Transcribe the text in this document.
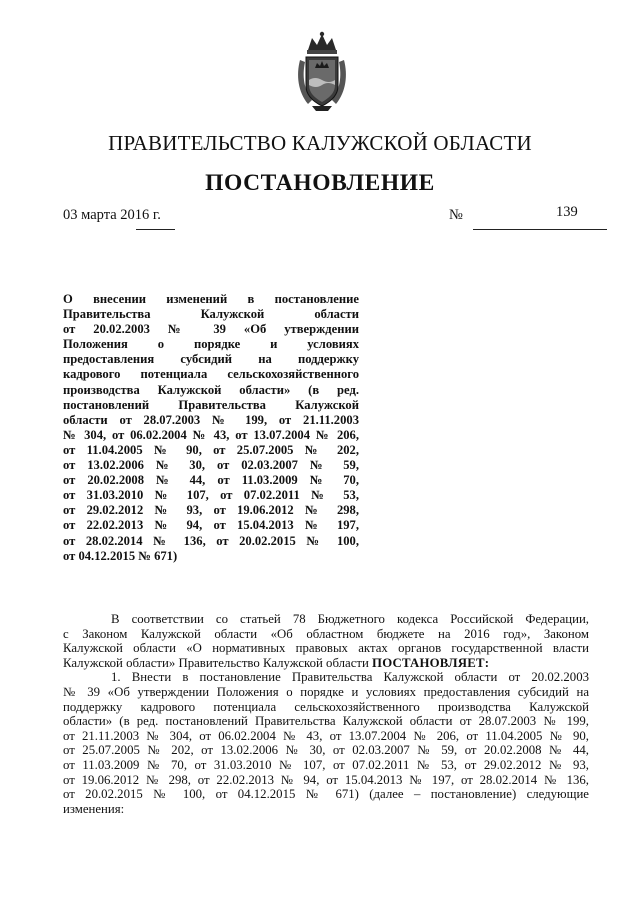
ПРАВИТЕЛЬСТВО КАЛУЖСКОЙ ОБЛАСТИ
ПОСТАНОВЛЕНИЕ
03 марта 2016 г.	№	139
О внесении изменений в постановление
Правительства Калужской области
от 20.02.2003 № 39 «Об утверждении
Положения о порядке и условиях
предоставления субсидий на поддержку
кадрового потенциала сельскохозяйственного
производства Калужской области» (в ред.
постановлений Правительства Калужской
области от 28.07.2003 № 199, от 21.11.2003
№ 304, от 06.02.2004 № 43, от 13.07.2004 № 206,
от 11.04.2005 № 90, от 25.07.2005 № 202,
от 13.02.2006 № 30, от 02.03.2007 № 59,
от 20.02.2008 № 44, от 11.03.2009 № 70,
от 31.03.2010 № 107, от 07.02.2011 № 53,
от 29.02.2012 № 93, от 19.06.2012 № 298,
от 22.02.2013 № 94, от 15.04.2013 № 197,
от 28.02.2014 № 136, от 20.02.2015 № 100,
от 04.12.2015 № 671)
В соответствии со статьей 78 Бюджетного кодекса Российской Федерации,
с Законом Калужской области «Об областном бюджете на 2016 год», Законом
Калужской области «О нормативных правовых актах органов государственной власти
Калужской области» Правительство Калужской области ПОСТАНОВЛЯЕТ:
1. Внести в постановление Правительства Калужской области от 20.02.2003
№ 39 «Об утверждении Положения о порядке и условиях предоставления субсидий на
поддержку кадрового потенциала сельскохозяйственного производства Калужской
области» (в ред. постановлений Правительства Калужской области от 28.07.2003 № 199,
от 21.11.2003 № 304, от 06.02.2004 № 43, от 13.07.2004 № 206, от 11.04.2005 № 90,
от 25.07.2005 № 202, от 13.02.2006 № 30, от 02.03.2007 № 59, от 20.02.2008 № 44,
от 11.03.2009 № 70, от 31.03.2010 № 107, от 07.02.2011 № 53, от 29.02.2012 № 93,
от 19.06.2012 № 298, от 22.02.2013 № 94, от 15.04.2013 № 197, от 28.02.2014 № 136,
от 20.02.2015 № 100, от 04.12.2015 № 671) (далее – постановление) следующие
изменения:
